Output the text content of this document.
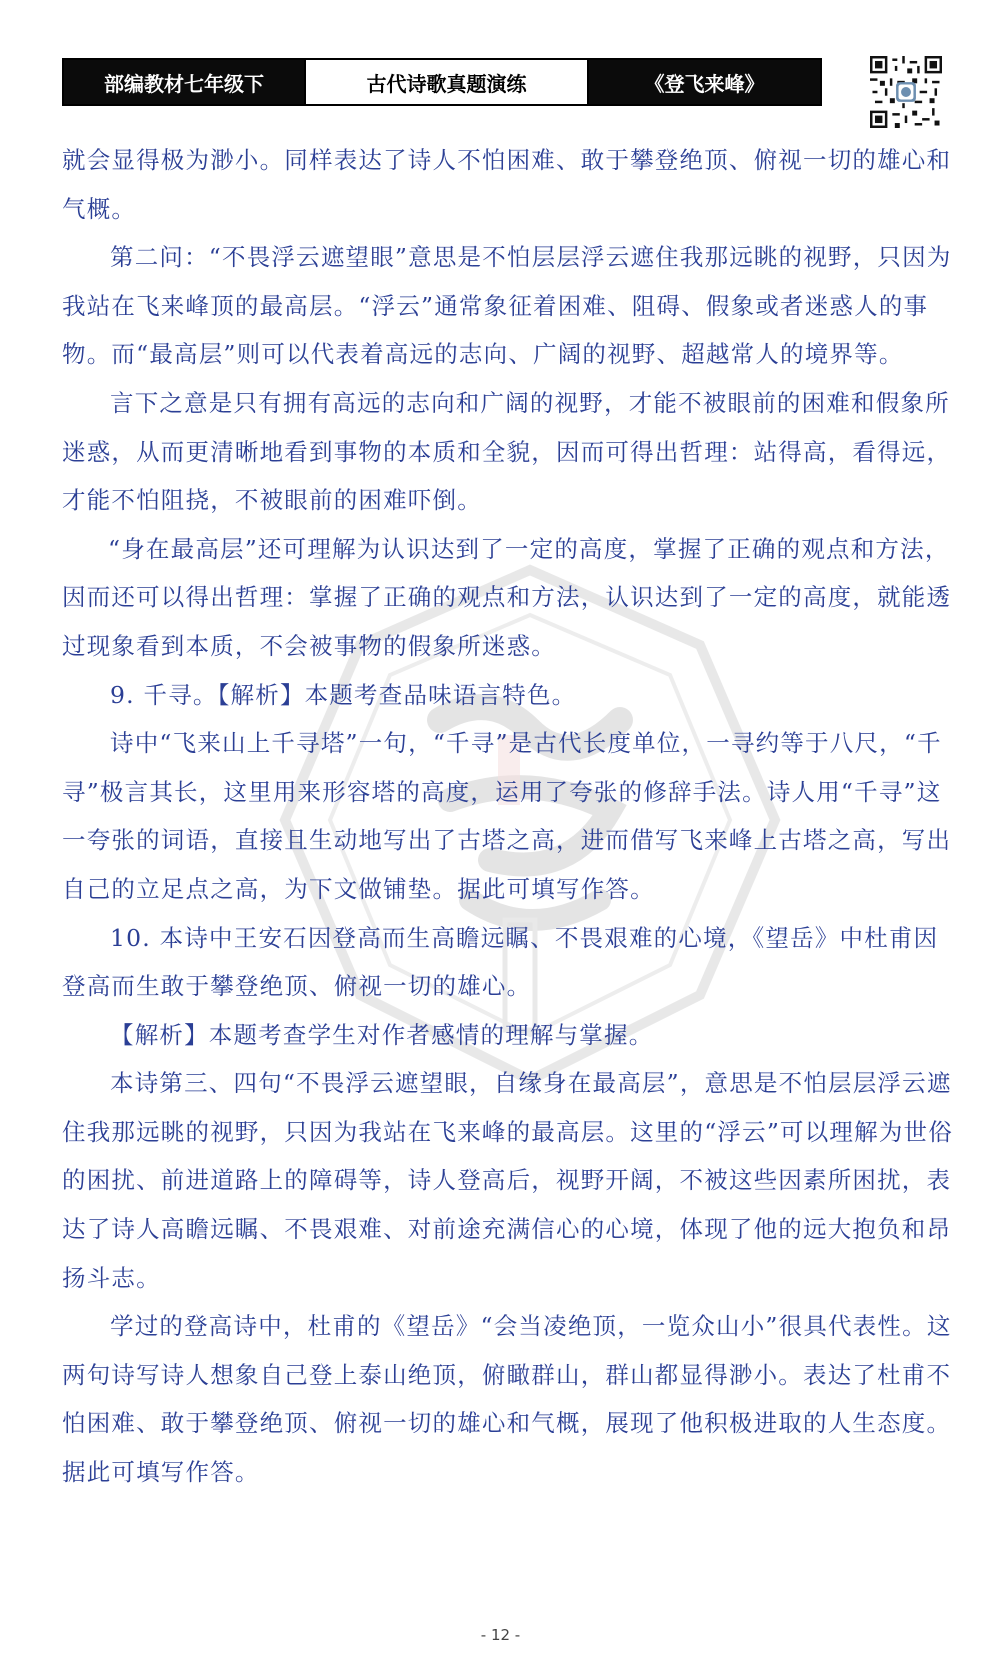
部编教材七年级下	古代诗歌真题演练	《登飞来峰》

就会显得极为渺小。同样表达了诗人不怕困难、敢于攀登绝顶、俯视一切的雄心和气概。

第二问：“不畏浮云遮望眼”意思是不怕层层浮云遮住我那远眺的视野，只因为我站在飞来峰顶的最高层。“浮云”通常象征着困难、阻碍、假象或者迷惑人的事物。而“最高层”则可以代表着高远的志向、广阔的视野、超越常人的境界等。

言下之意是只有拥有高远的志向和广阔的视野，才能不被眼前的困难和假象所迷惑，从而更清晰地看到事物的本质和全貌，因而可得出哲理：站得高，看得远，才能不怕阻挠，不被眼前的困难吓倒。

“身在最高层”还可理解为认识达到了一定的高度，掌握了正确的观点和方法，因而还可以得出哲理：掌握了正确的观点和方法，认识达到了一定的高度，就能透过现象看到本质，不会被事物的假象所迷惑。

9. 千寻。【解析】本题考查品味语言特色。

诗中“飞来山上千寻塔”一句，“千寻”是古代长度单位，一寻约等于八尺，“千寻”极言其长，这里用来形容塔的高度，运用了夸张的修辞手法。诗人用“千寻”这一夸张的词语，直接且生动地写出了古塔之高，进而借写飞来峰上古塔之高，写出自己的立足点之高，为下文做铺垫。据此可填写作答。

10. 本诗中王安石因登高而生高瞻远瞩、不畏艰难的心境，《望岳》中杜甫因登高而生敢于攀登绝顶、俯视一切的雄心。

【解析】本题考查学生对作者感情的理解与掌握。

本诗第三、四句“不畏浮云遮望眼，自缘身在最高层”，意思是不怕层层浮云遮住我那远眺的视野，只因为我站在飞来峰的最高层。这里的“浮云”可以理解为世俗的困扰、前进道路上的障碍等，诗人登高后，视野开阔，不被这些因素所困扰，表达了诗人高瞻远瞩、不畏艰难、对前途充满信心的心境，体现了他的远大抱负和昂扬斗志。

学过的登高诗中，杜甫的《望岳》“会当凌绝顶，一览众山小”很具代表性。这两句诗写诗人想象自己登上泰山绝顶，俯瞰群山，群山都显得渺小。表达了杜甫不怕困难、敢于攀登绝顶、俯视一切的雄心和气概，展现了他积极进取的人生态度。据此可填写作答。

- 12 -
